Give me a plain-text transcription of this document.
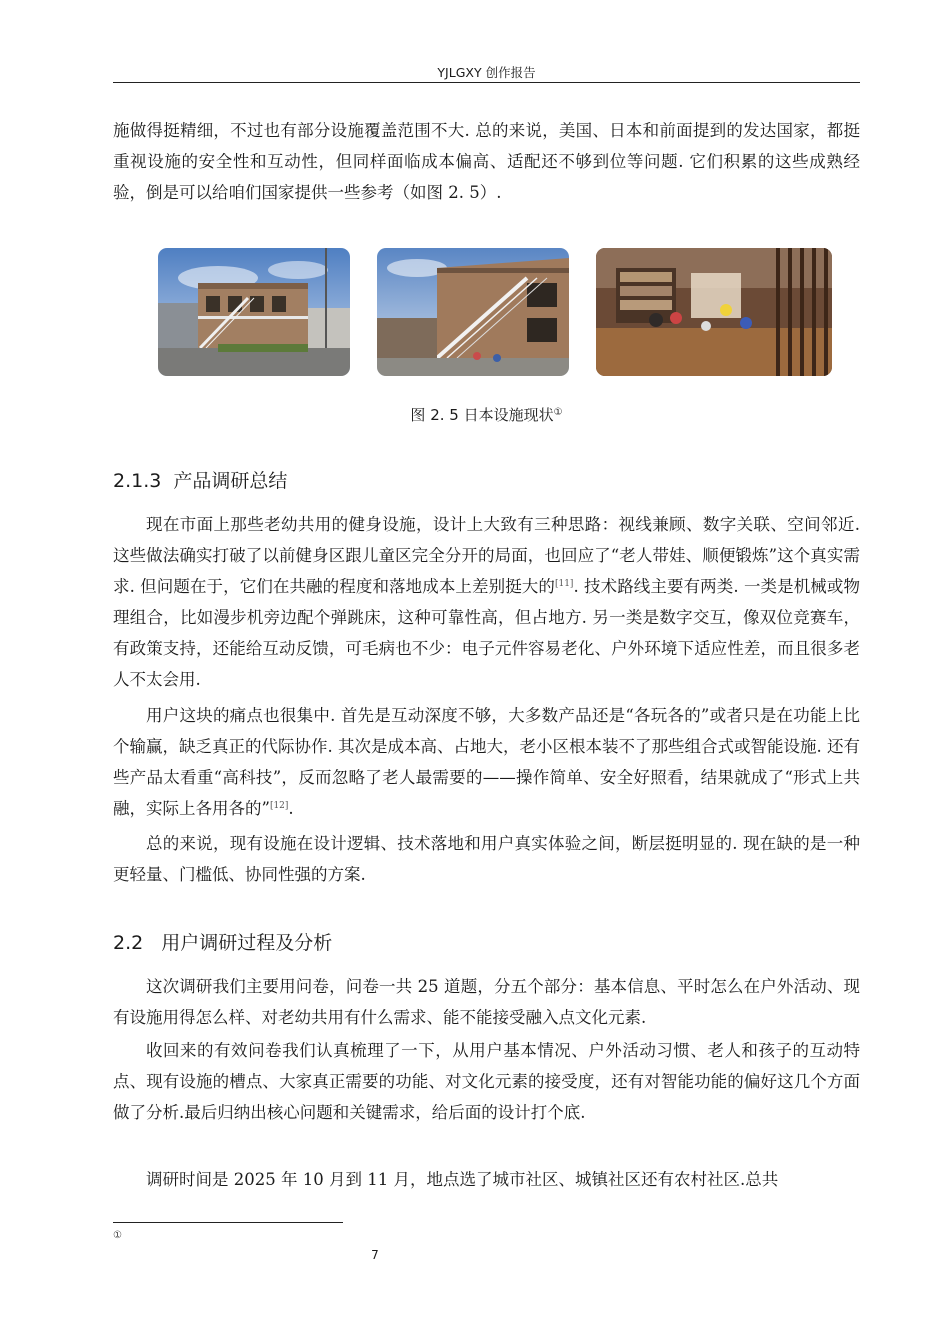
YJLGXY 创作报告

施做得挺精细，不过也有部分设施覆盖范围不大. 总的来说，美国、日本和前面提到的发达国家，都挺重视设施的安全性和互动性，但同样面临成本偏高、适配还不够到位等问题. 它们积累的这些成熟经验，倒是可以给咱们国家提供一些参考（如图 2. 5）.

图 2. 5 日本设施现状①
2.1.3 产品调研总结

现在市面上那些老幼共用的健身设施，设计上大致有三种思路：视线兼顾、数字关联、空间邻近. 这些做法确实打破了以前健身区跟儿童区完全分开的局面，也回应了“老人带娃、顺便锻炼”这个真实需求. 但问题在于，它们在共融的程度和落地成本上差别挺大的[11]. 技术路线主要有两类. 一类是机械或物理组合，比如漫步机旁边配个弹跳床，这种可靠性高，但占地方. 另一类是数字交互，像双位竞赛车，有政策支持，还能给互动反馈，可毛病也不少：电子元件容易老化、户外环境下适应性差，而且很多老人不太会用.

用户这块的痛点也很集中. 首先是互动深度不够，大多数产品还是“各玩各的”或者只是在功能上比个输赢，缺乏真正的代际协作. 其次是成本高、占地大，老小区根本装不了那些组合式或智能设施. 还有些产品太看重“高科技”，反而忽略了老人最需要的——操作简单、安全好照看，结果就成了“形式上共融，实际上各用各的”[12].

总的来说，现有设施在设计逻辑、技术落地和用户真实体验之间，断层挺明显的. 现在缺的是一种更轻量、门槛低、协同性强的方案.

2.2 用户调研过程及分析

这次调研我们主要用问卷，问卷一共 25 道题，分五个部分：基本信息、平时怎么在户外活动、现有设施用得怎么样、对老幼共用有什么需求、能不能接受融入点文化元素.

收回来的有效问卷我们认真梳理了一下，从用户基本情况、户外活动习惯、老人和孩子的互动特点、现有设施的槽点、大家真正需要的功能、对文化元素的接受度，还有对智能功能的偏好这几个方面做了分析.最后归纳出核心问题和关键需求，给后面的设计打个底.

调研时间是 2025 年 10 月到 11 月，地点选了城市社区、城镇社区还有农村社区.总共

①
7
